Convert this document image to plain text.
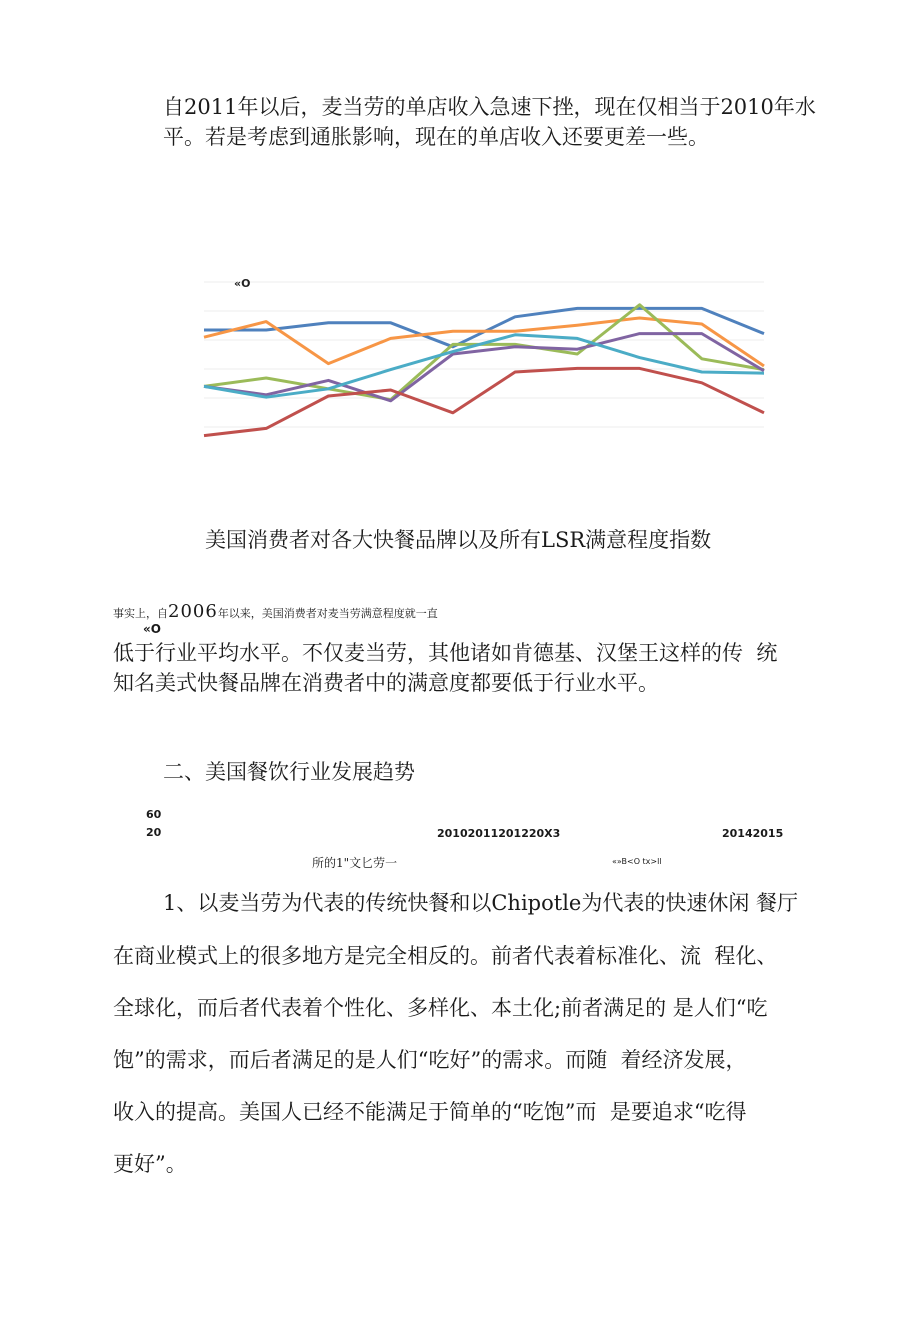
自2011年以后，麦当劳的单店收入急速下挫，现在仅相当于2010年水
平。若是考虑到通胀影响，现在的单店收入还要更差一些。
«O
美国消费者对各大快餐品牌以及所有LSR满意程度指数
事实上，自2006年以来，美国消费者对麦当劳满意程度就一直
«O
低于行业平均水平。不仅麦当劳，其他诸如肯德基、汉堡王这样的传  统
知名美式快餐品牌在消费者中的满意度都要低于行业水平。
二、美国餐饮行业发展趋势
60
20	20102011201220X3	20142015
所的1"文匕劳一	«»B<O tx>ll
1、以麦当劳为代表的传统快餐和以Chipotle为代表的快速休闲 餐厅
在商业模式上的很多地方是完全相反的。前者代表着标准化、流  程化、
全球化，而后者代表着个性化、多样化、本土化;前者满足的 是人们“吃
饱”的需求，而后者满足的是人们“吃好”的需求。而随  着经济发展，
收入的提高。美国人已经不能满足于简单的“吃饱”而  是要追求“吃得
更好”。
